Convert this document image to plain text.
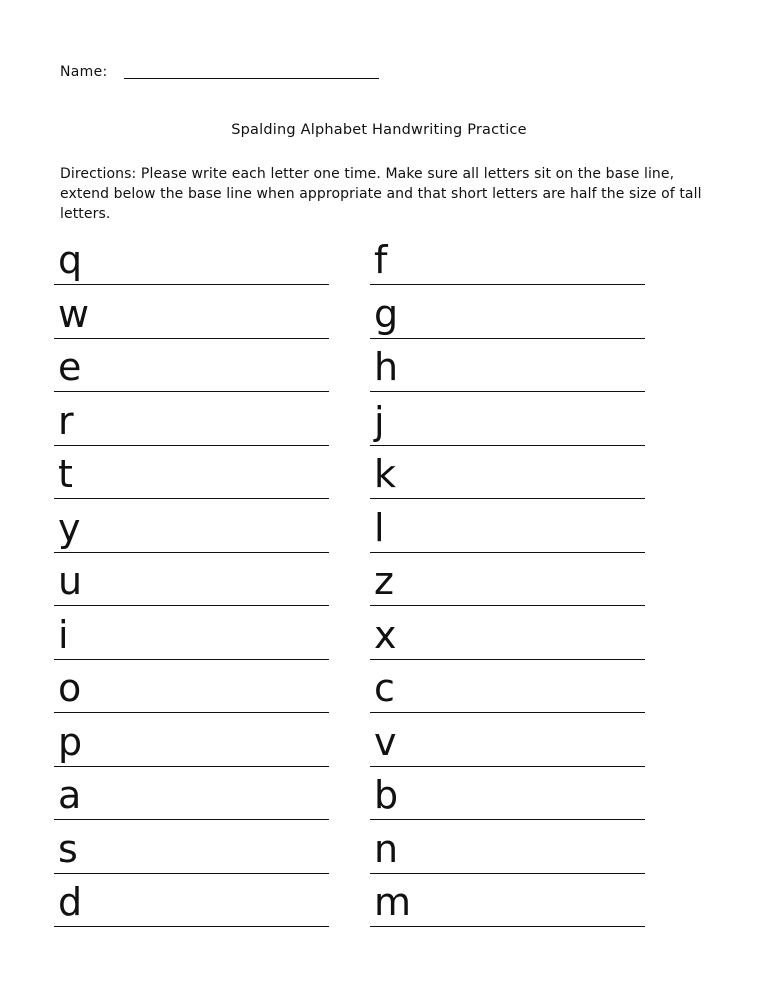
Name:
Spalding Alphabet Handwriting Practice
Directions: Please write each letter one time. Make sure all letters sit on the base line, extend below the base line when appropriate and that short letters are half the size of tall letters.
q
w
e
r
t
y
u
i
o
p
a
s
d
f
g
h
j
k
l
z
x
c
v
b
n
m
